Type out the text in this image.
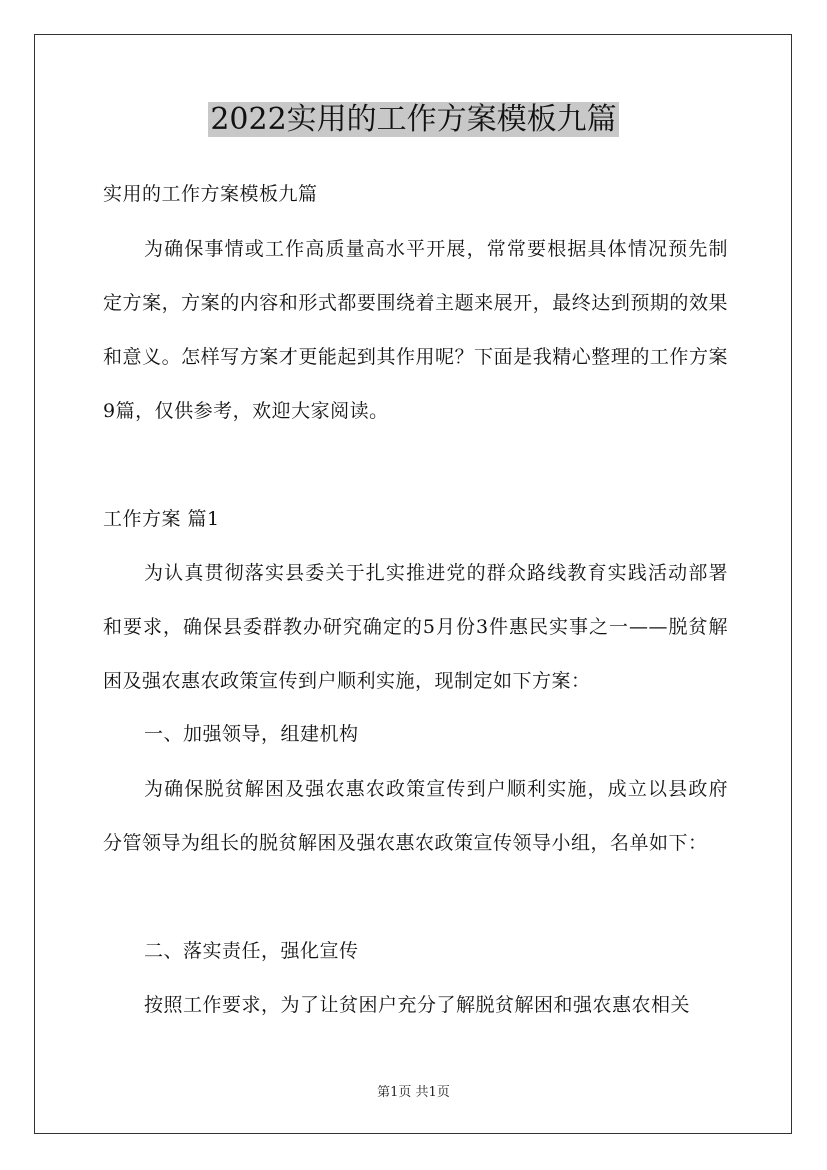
2022实用的工作方案模板九篇

实用的工作方案模板九篇

为确保事情或工作高质量高水平开展，常常要根据具体情况预先制定方案，方案的内容和形式都要围绕着主题来展开，最终达到预期的效果和意义。怎样写方案才更能起到其作用呢？下面是我精心整理的工作方案9篇，仅供参考，欢迎大家阅读。

工作方案 篇1

为认真贯彻落实县委关于扎实推进党的群众路线教育实践活动部署和要求，确保县委群教办研究确定的5月份3件惠民实事之一——脱贫解困及强农惠农政策宣传到户顺利实施，现制定如下方案：

一、加强领导，组建机构

为确保脱贫解困及强农惠农政策宣传到户顺利实施，成立以县政府分管领导为组长的脱贫解困及强农惠农政策宣传领导小组，名单如下：

二、落实责任，强化宣传

按照工作要求，为了让贫困户充分了解脱贫解困和强农惠农相关

第1页 共1页
